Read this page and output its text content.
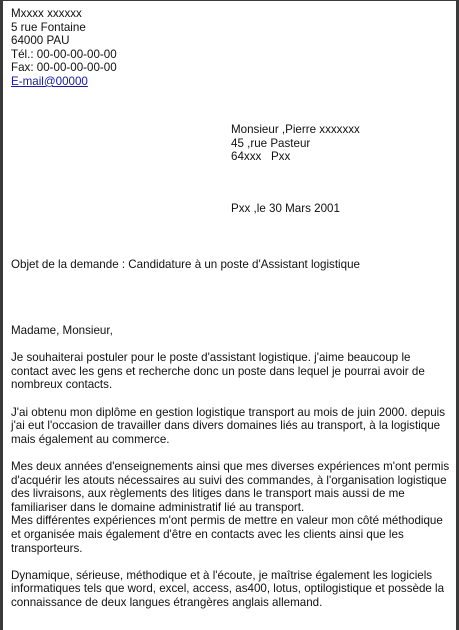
Mxxxx xxxxxx
5 rue Fontaine
64000 PAU
Tél.: 00-00-00-00-00
Fax: 00-00-00-00-00
E-mail@00000
Monsieur ,Pierre xxxxxxx
45 ,rue Pasteur
64xxx   Pxx
Pxx ,le 30 Mars 2001
Objet de la demande : Candidature à un poste d'Assistant logistique
Madame, Monsieur,
Je souhaiterai postuler pour le poste d'assistant logistique. j'aime beaucoup le
contact avec les gens et recherche donc un poste dans lequel je pourrai avoir de
nombreux contacts.
J'ai obtenu mon diplôme en gestion logistique transport au mois de juin 2000. depuis
j'ai eut l'occasion de travailler dans divers domaines liés au transport, à la logistique
mais également au commerce.
Mes deux années d'enseignements ainsi que mes diverses expériences m'ont permis
d'acquérir les atouts nécessaires au suivi des commandes, à l'organisation logistique
des livraisons, aux règlements des litiges dans le transport mais aussi de me
familiariser dans le domaine administratif lié au transport.
Mes différentes expériences m'ont permis de mettre en valeur mon côté méthodique
et organisée mais également d'être en contacts avec les clients ainsi que les
transporteurs.
Dynamique, sérieuse, méthodique et à l'écoute, je maîtrise également les logiciels
informatiques tels que word, excel, access, as400, lotus, optilogistique et possède la
connaissance de deux langues étrangères anglais allemand.
